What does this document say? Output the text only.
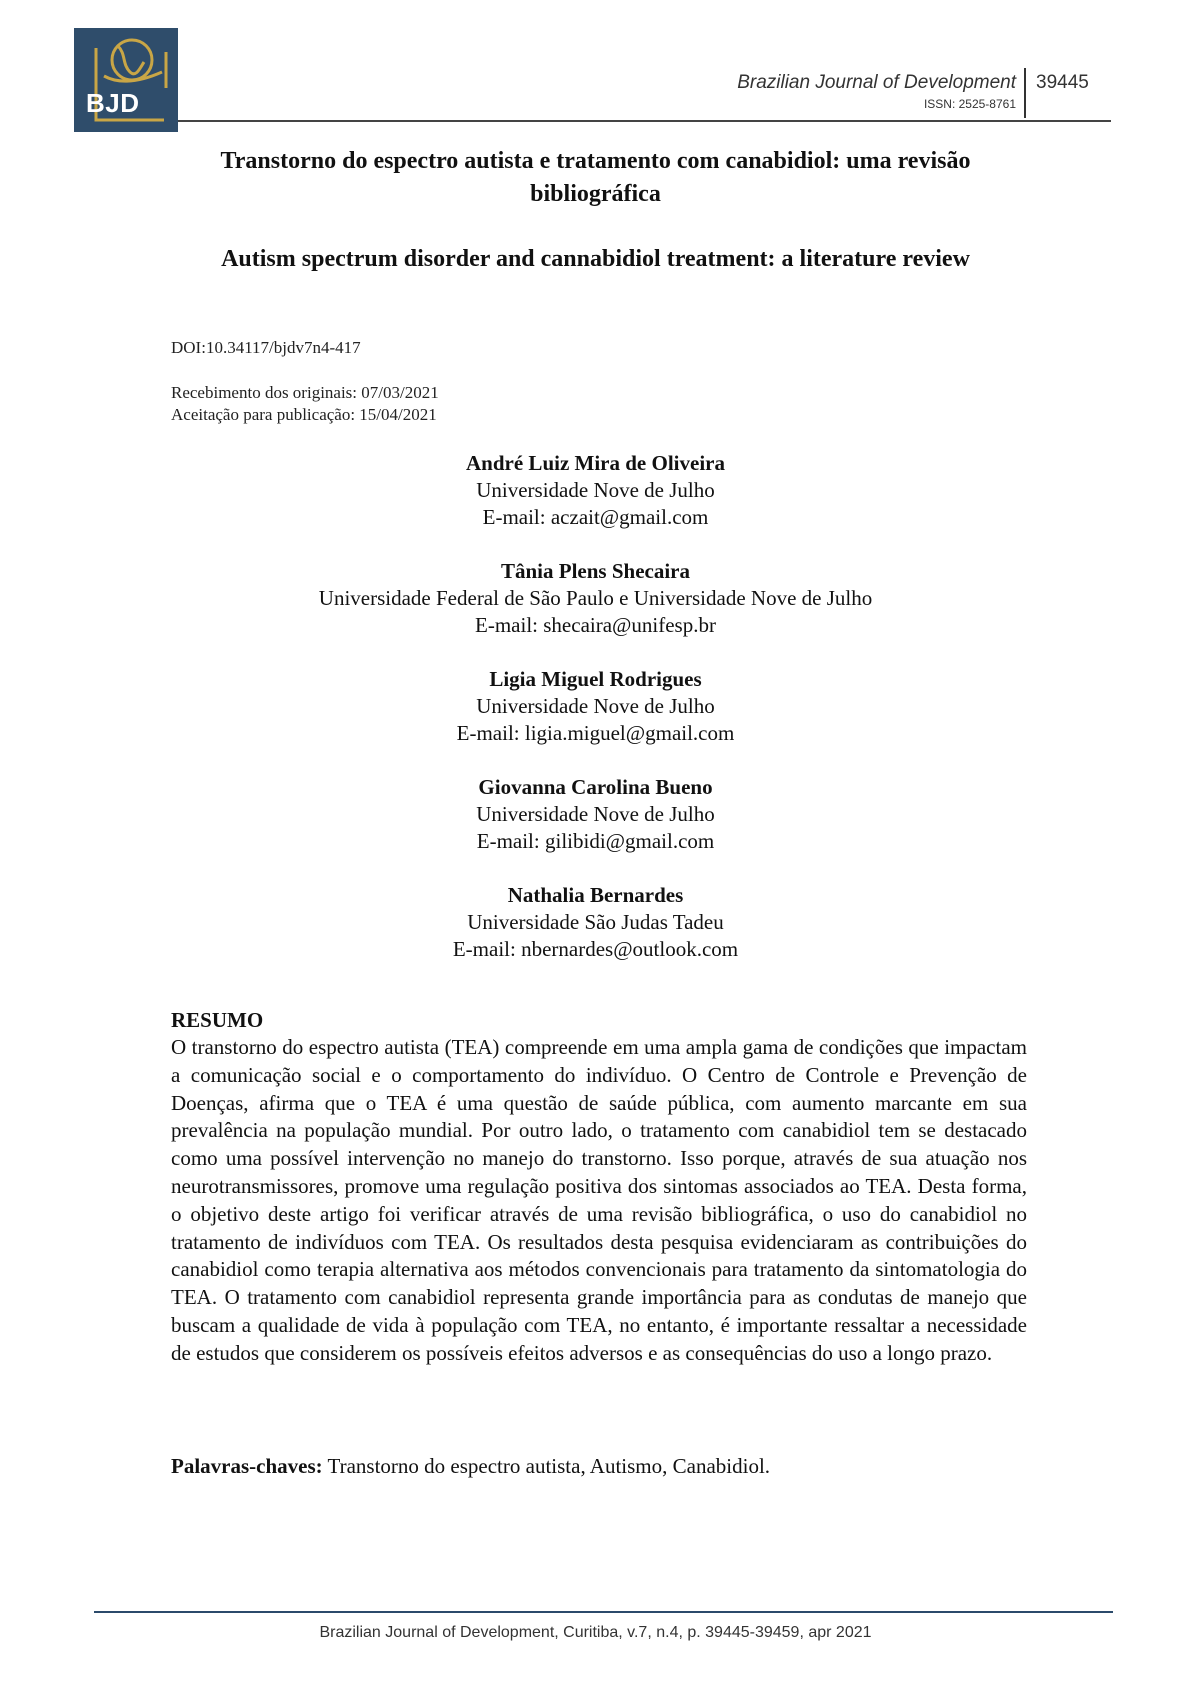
BJD
Brazilian Journal of Development
ISSN: 2525-8761
39445
Transtorno do espectro autista e tratamento com canabidiol: uma revisão bibliográfica
Autism spectrum disorder and cannabidiol treatment: a literature review
DOI:10.34117/bjdv7n4-417
Recebimento dos originais: 07/03/2021
Aceitação para publicação: 15/04/2021
André Luiz Mira de Oliveira
Universidade Nove de Julho
E-mail: aczait@gmail.com
Tânia Plens Shecaira
Universidade Federal de São Paulo e Universidade Nove de Julho
E-mail: shecaira@unifesp.br
Ligia Miguel Rodrigues
Universidade Nove de Julho
E-mail: ligia.miguel@gmail.com
Giovanna Carolina Bueno
Universidade Nove de Julho
E-mail: gilibidi@gmail.com
Nathalia Bernardes
Universidade São Judas Tadeu
E-mail: nbernardes@outlook.com
RESUMO
O transtorno do espectro autista (TEA) compreende em uma ampla gama de condições que impactam a comunicação social e o comportamento do indivíduo. O Centro de Controle e Prevenção de Doenças, afirma que o TEA é uma questão de saúde pública, com aumento marcante em sua prevalência na população mundial. Por outro lado, o tratamento com canabidiol tem se destacado como uma possível intervenção no manejo do transtorno. Isso porque, através de sua atuação nos neurotransmissores, promove uma regulação positiva dos sintomas associados ao TEA. Desta forma, o objetivo deste artigo foi verificar através de uma revisão bibliográfica, o uso do canabidiol no tratamento de indivíduos com TEA. Os resultados desta pesquisa evidenciaram as contribuições do canabidiol como terapia alternativa aos métodos convencionais para tratamento da sintomatologia do TEA. O tratamento com canabidiol representa grande importância para as condutas de manejo que buscam a qualidade de vida à população com TEA, no entanto, é importante ressaltar a necessidade de estudos que considerem os possíveis efeitos adversos e as consequências do uso a longo prazo.
Palavras-chaves: Transtorno do espectro autista, Autismo, Canabidiol.
Brazilian Journal of Development, Curitiba, v.7, n.4, p. 39445-39459, apr 2021
